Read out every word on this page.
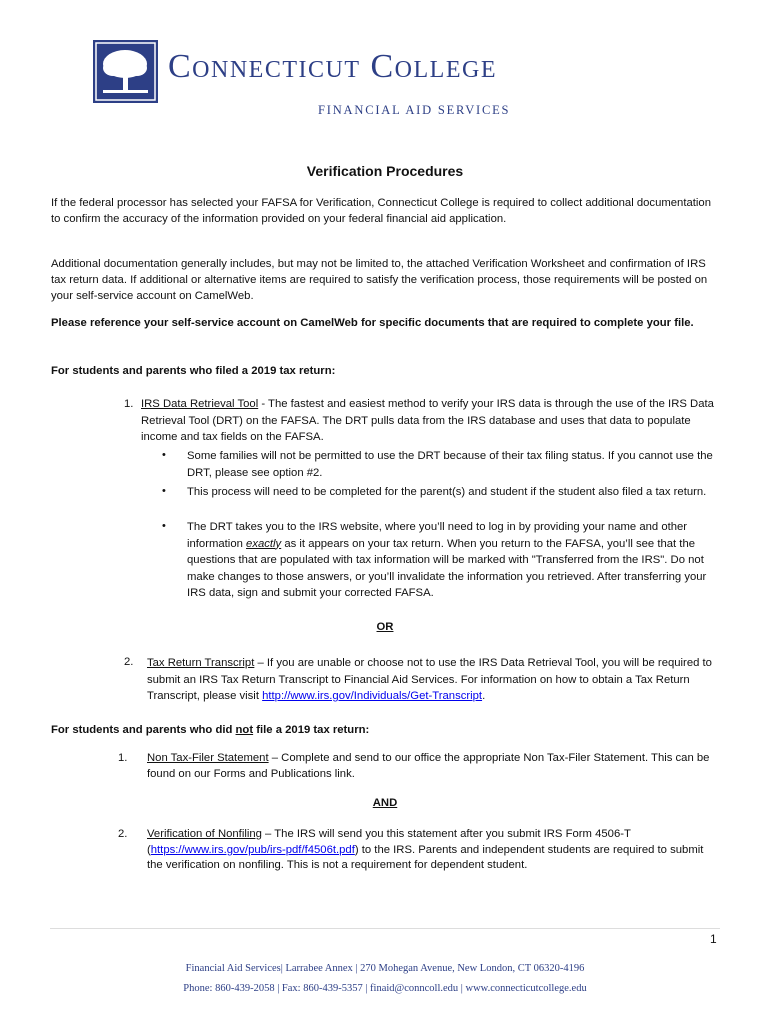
Connecticut College
FINANCIAL AID SERVICES
Verification Procedures
If the federal processor has selected your FAFSA for Verification, Connecticut College is required to collect additional documentation to confirm the accuracy of the information provided on your federal financial aid application.
Additional documentation generally includes, but may not be limited to, the attached Verification Worksheet and confirmation of IRS tax return data. If additional or alternative items are required to satisfy the verification process, those requirements will be posted on your self-service account on CamelWeb.
Please reference your self-service account on CamelWeb for specific documents that are required to complete your file.
For students and parents who filed a 2019 tax return:
1. IRS Data Retrieval Tool - The fastest and easiest method to verify your IRS data is through the use of the IRS Data Retrieval Tool (DRT) on the FAFSA. The DRT pulls data from the IRS database and uses that data to populate income and tax fields on the FAFSA.
• Some families will not be permitted to use the DRT because of their tax filing status. If you cannot use the DRT, please see option #2.
• This process will need to be completed for the parent(s) and student if the student also filed a tax return.
• The DRT takes you to the IRS website, where you’ll need to log in by providing your name and other information exactly as it appears on your tax return. When you return to the FAFSA, you’ll see that the questions that are populated with tax information will be marked with "Transferred from the IRS". Do not make changes to those answers, or you’ll invalidate the information you retrieved. After transferring your IRS data, sign and submit your corrected FAFSA.
OR
2. Tax Return Transcript – If you are unable or choose not to use the IRS Data Retrieval Tool, you will be required to submit an IRS Tax Return Transcript to Financial Aid Services. For information on how to obtain a Tax Return Transcript, please visit http://www.irs.gov/Individuals/Get-Transcript.
For students and parents who did not file a 2019 tax return:
1. Non Tax-Filer Statement – Complete and send to our office the appropriate Non Tax-Filer Statement. This can be found on our Forms and Publications link.
AND
2. Verification of Nonfiling – The IRS will send you this statement after you submit IRS Form 4506-T (https://www.irs.gov/pub/irs-pdf/f4506t.pdf) to the IRS. Parents and independent students are required to submit the verification on nonfiling. This is not a requirement for dependent student.
1
Financial Aid Services| Larrabee Annex | 270 Mohegan Avenue, New London, CT 06320-4196
Phone: 860-439-2058 | Fax: 860-439-5357 | finaid@conncoll.edu | www.connecticutcollege.edu
